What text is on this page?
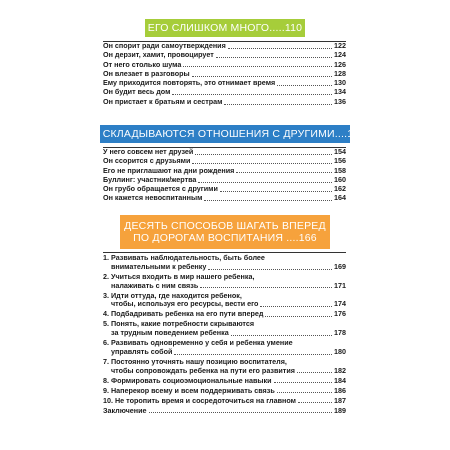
ЕГО СЛИШКОМ МНОГО.....110
Он спорит ради самоутверждения	122
Он дерзит, хамит, провоцирует	124
От него столько шума	126
Он влезает в разговоры	128
Ему приходится повторять, это отнимает время	130
Он будит весь дом	134
Он пристает к братьям и сестрам	136
НЕ СКЛАДЫВАЮТСЯ ОТНОШЕНИЯ С ДРУГИМИ....142
У него совсем нет друзей	154
Он ссорится с друзьями	156
Его не приглашают на дни рождения	158
Буллинг: участник/жертва	160
Он грубо обращается с другими	162
Он кажется невоспитанным	164
ДЕСЯТЬ СПОСОБОВ ШАГАТЬ ВПЕРЕД
ПО ДОРОГАМ ВОСПИТАНИЯ ....166
1. Развивать наблюдательность, быть более
внимательными к ребенку	169
2. Учиться входить в мир нашего ребенка,
налаживать с ним связь	171
3. Идти оттуда, где находится ребенок,
чтобы, используя его ресурсы, вести его	174
4. Подбадривать ребенка на его пути вперед	176
5. Понять, какие потребности скрываются
за трудным поведением ребенка	178
6. Развивать одновременно у себя и ребенка умение
управлять собой	180
7. Постоянно уточнять нашу позицию воспитателя,
чтобы сопровождать ребенка на пути его развития	182
8. Формировать социоэмоциональные навыки	184
9. Наперекор всему и всем поддерживать связь	186
10. Не торопить время и сосредоточиться на главном	187
Заключение	189
